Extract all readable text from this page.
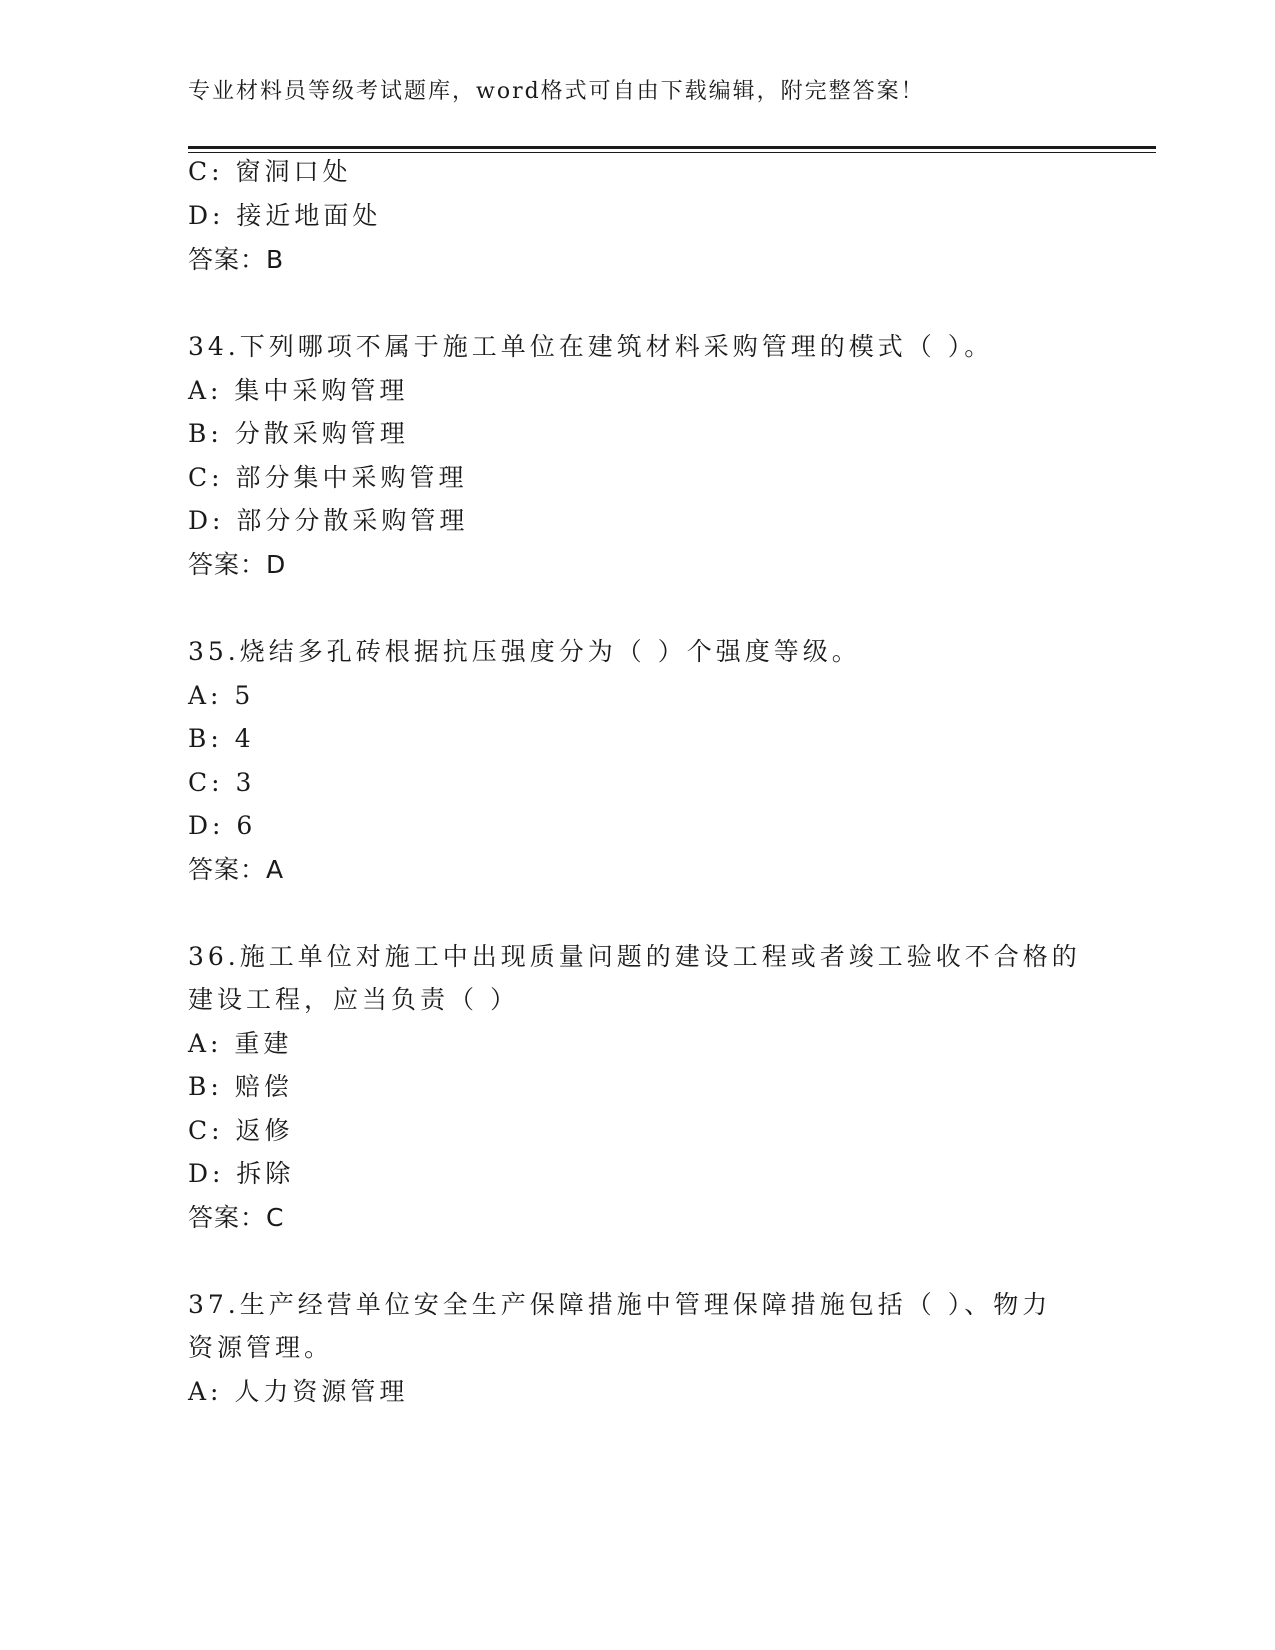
专业材料员等级考试题库，word格式可自由下载编辑，附完整答案！
C: 窗洞口处
D: 接近地面处
答案：B
34.下列哪项不属于施工单位在建筑材料采购管理的模式（ ）。
A: 集中采购管理
B: 分散采购管理
C: 部分集中采购管理
D: 部分分散采购管理
答案：D
35.烧结多孔砖根据抗压强度分为（ ）个强度等级。
A: 5
B: 4
C: 3
D: 6
答案：A
36.施工单位对施工中出现质量问题的建设工程或者竣工验收不合格的
建设工程，应当负责（ ）
A: 重建
B: 赔偿
C: 返修
D: 拆除
答案：C
37.生产经营单位安全生产保障措施中管理保障措施包括（ ）、物力
资源管理。
A: 人力资源管理
